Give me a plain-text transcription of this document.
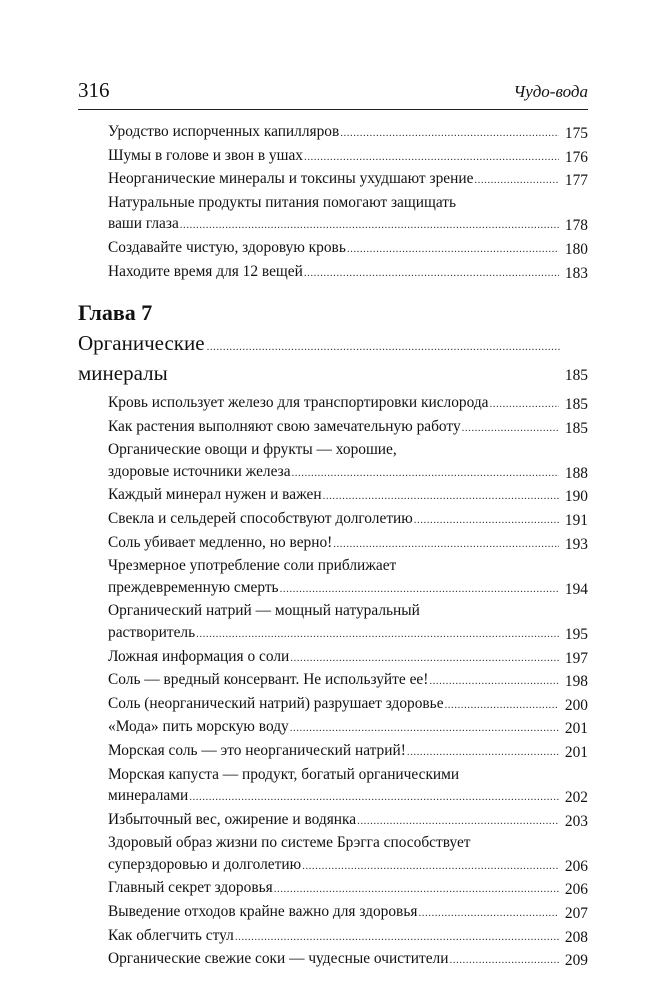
316	Чудо-вода
Уродство испорченных капилляров .....	175
Шумы в голове и звон в ушах .....	176
Неорганические минералы и токсины ухудшают зрение .....	177
Натуральные продукты питания помогают защищать
ваши глаза .....	178
Создавайте чистую, здоровую кровь .....	180
Находите время для 12 вещей .....	183
Глава 7
Органические минералы
.....	185
Кровь использует железо для транспортировки кислорода .....	185
Как растения выполняют свою замечательную работу .....	185
Органические овощи и фрукты — хорошие,
здоровые источники железа .....	188
Каждый минерал нужен и важен .....	190
Свекла и сельдерей способствуют долголетию .....	191
Соль убивает медленно, но верно! .....	193
Чрезмерное употребление соли приближает
преждевременную смерть .....	194
Органический натрий — мощный натуральный
растворитель .....	195
Ложная информация о соли .....	197
Соль — вредный консервант. Не используйте ее! .....	198
Соль (неорганический натрий) разрушает здоровье .....	200
«Мода» пить морскую воду .....	201
Морская соль — это неорганический натрий! .....	201
Морская капуста — продукт, богатый органическими
минералами .....	202
Избыточный вес, ожирение и водянка .....	203
Здоровый образ жизни по системе Брэгга способствует
суперздоровью и долголетию .....	206
Главный секрет здоровья .....	206
Выведение отходов крайне важно для здоровья .....	207
Как облегчить стул .....	208
Органические свежие соки — чудесные очистители .....	209
